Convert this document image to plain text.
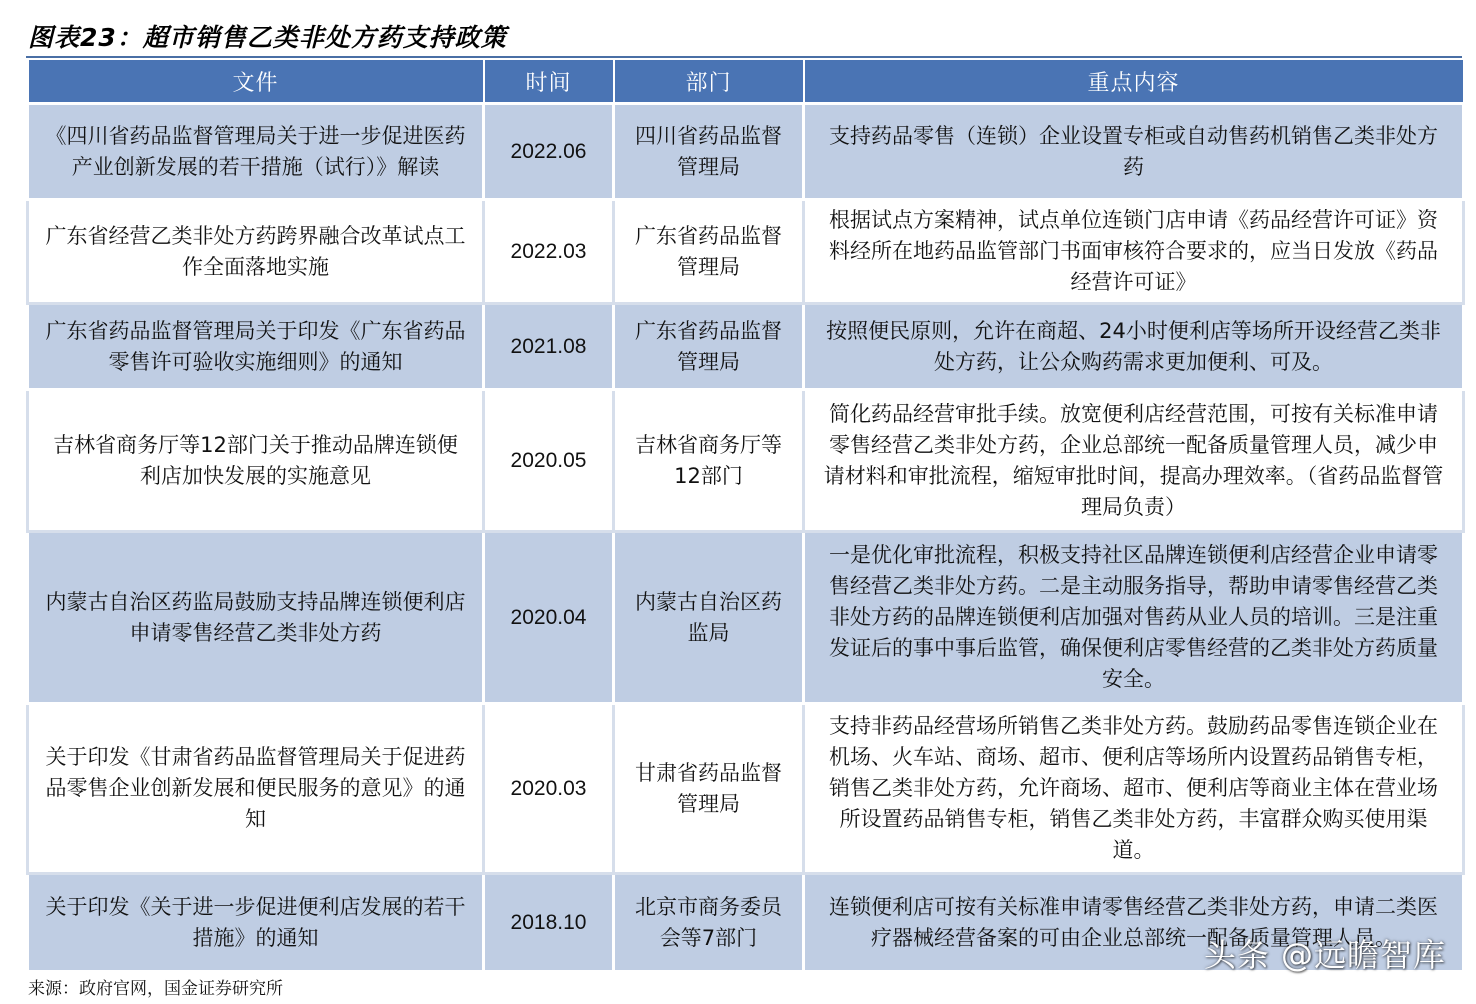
图表23：超市销售乙类非处方药支持政策
文件	时间	部门	重点内容
《四川省药品监督管理局关于进一步促进医药产业创新发展的若干措施（试行）》解读	2022.06	四川省药品监督管理局	支持药品零售（连锁）企业设置专柜或自动售药机销售乙类非处方药
广东省经营乙类非处方药跨界融合改革试点工作全面落地实施	2022.03	广东省药品监督管理局	根据试点方案精神，试点单位连锁门店申请《药品经营许可证》资料经所在地药品监管部门书面审核符合要求的，应当日发放《药品经营许可证》
广东省药品监督管理局关于印发《广东省药品零售许可验收实施细则》的通知	2021.08	广东省药品监督管理局	按照便民原则，允许在商超、24小时便利店等场所开设经营乙类非处方药，让公众购药需求更加便利、可及。
吉林省商务厅等12部门关于推动品牌连锁便利店加快发展的实施意见	2020.05	吉林省商务厅等12部门	简化药品经营审批手续。放宽便利店经营范围，可按有关标准申请零售经营乙类非处方药，企业总部统一配备质量管理人员，减少申请材料和审批流程，缩短审批时间，提高办理效率。（省药品监督管理局负责）
内蒙古自治区药监局鼓励支持品牌连锁便利店申请零售经营乙类非处方药	2020.04	内蒙古自治区药监局	一是优化审批流程，积极支持社区品牌连锁便利店经营企业申请零售经营乙类非处方药。二是主动服务指导，帮助申请零售经营乙类非处方药的品牌连锁便利店加强对售药从业人员的培训。三是注重发证后的事中事后监管，确保便利店零售经营的乙类非处方药质量安全。
关于印发《甘肃省药品监督管理局关于促进药品零售企业创新发展和便民服务的意见》的通知	2020.03	甘肃省药品监督管理局	支持非药品经营场所销售乙类非处方药。鼓励药品零售连锁企业在机场、火车站、商场、超市、便利店等场所内设置药品销售专柜，销售乙类非处方药，允许商场、超市、便利店等商业主体在营业场所设置药品销售专柜，销售乙类非处方药，丰富群众购买使用渠道。
关于印发《关于进一步促进便利店发展的若干措施》的通知	2018.10	北京市商务委员会等7部门	连锁便利店可按有关标准申请零售经营乙类非处方药，申请二类医疗器械经营备案的可由企业总部统一配备质量管理人员。
来源：政府官网，国金证券研究所
头条 @远瞻智库
